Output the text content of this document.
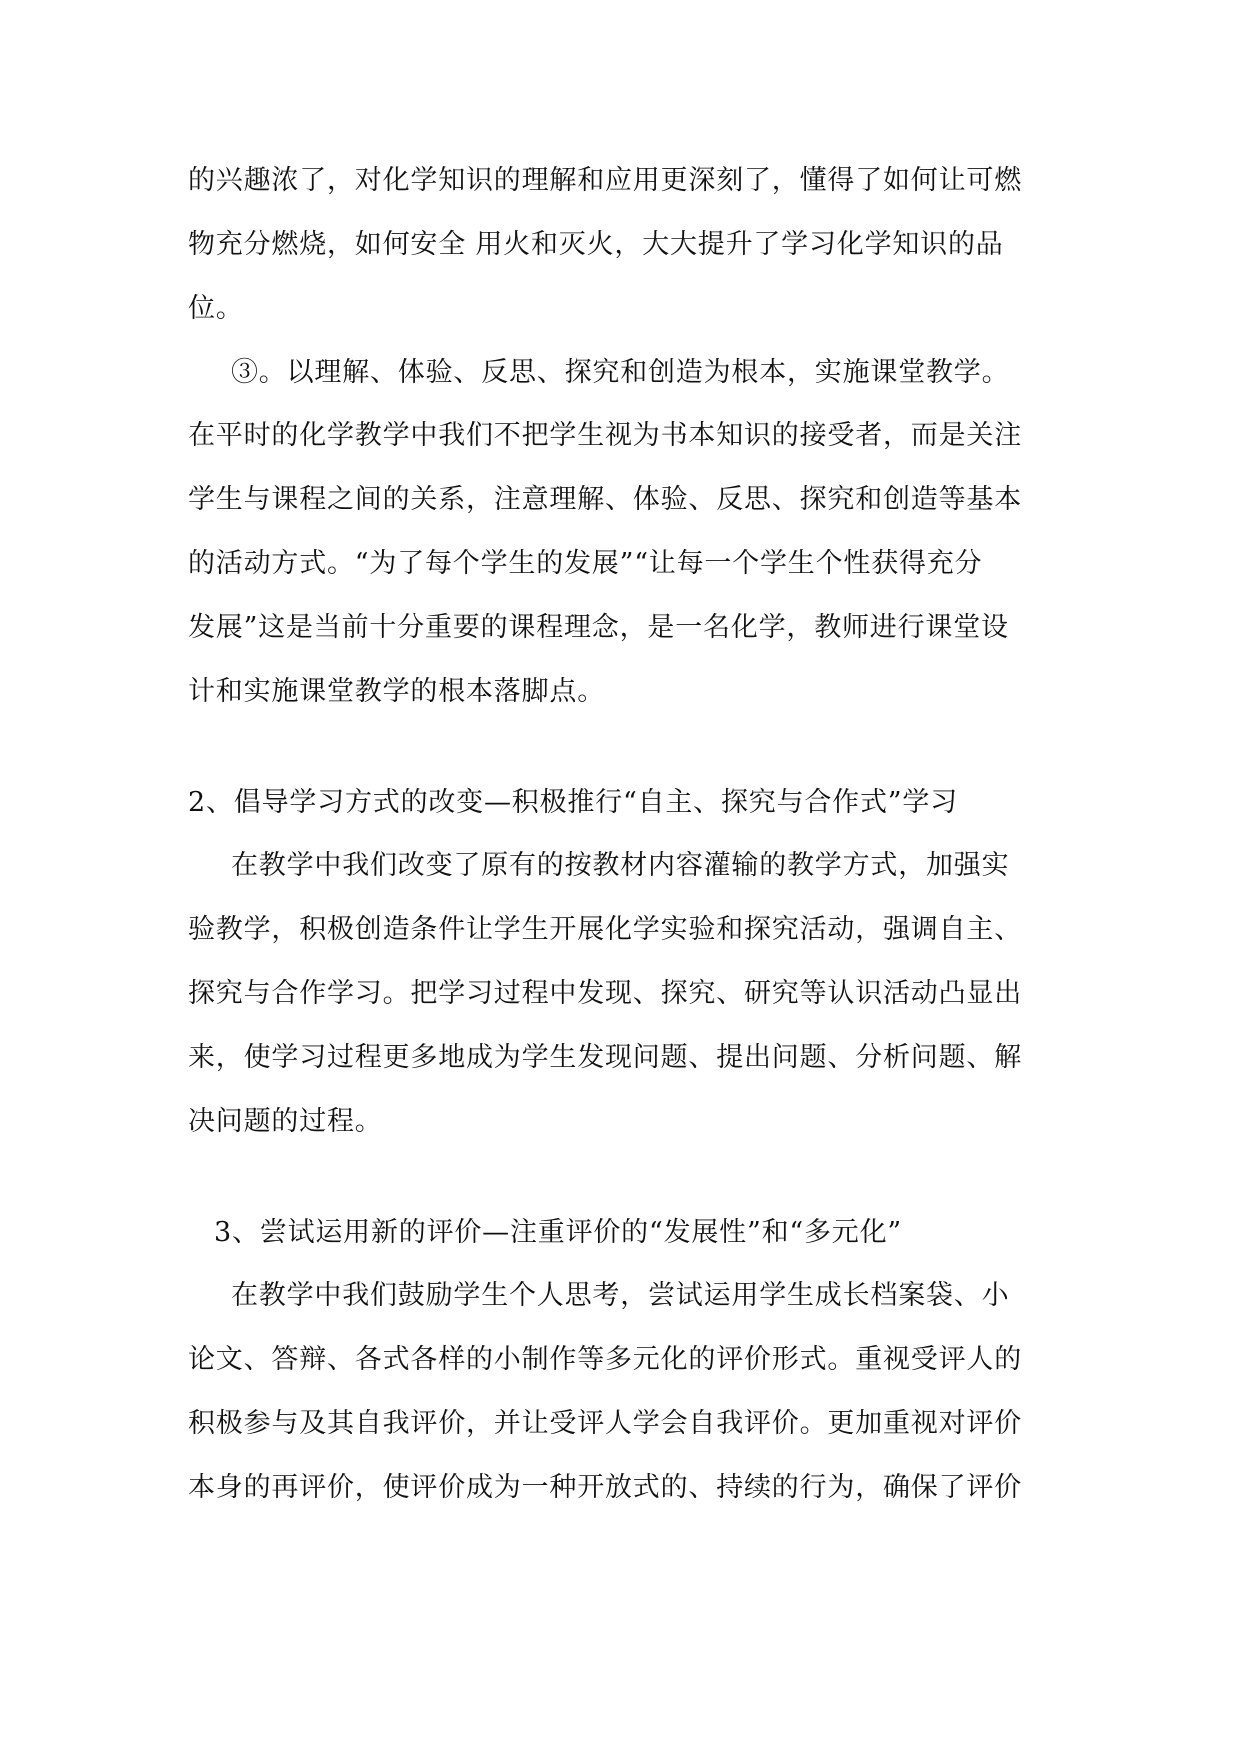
的兴趣浓了，对化学知识的理解和应用更深刻了，懂得了如何让可燃
物充分燃烧，如何安全 用火和灭火，大大提升了学习化学知识的品
位。
③。以理解、体验、反思、探究和创造为根本，实施课堂教学。
在平时的化学教学中我们不把学生视为书本知识的接受者，而是关注
学生与课程之间的关系，注意理解、体验、反思、探究和创造等基本
的活动方式。“为了每个学生的发展”“让每一个学生个性获得充分
发展”这是当前十分重要的课程理念，是一名化学，教师进行课堂设
计和实施课堂教学的根本落脚点。
2、倡导学习方式的改变—积极推行“自主、探究与合作式”学习
在教学中我们改变了原有的按教材内容灌输的教学方式，加强实
验教学，积极创造条件让学生开展化学实验和探究活动，强调自主、
探究与合作学习。把学习过程中发现、探究、研究等认识活动凸显出
来，使学习过程更多地成为学生发现问题、提出问题、分析问题、解
决问题的过程。
3、尝试运用新的评价—注重评价的“发展性”和“多元化”
在教学中我们鼓励学生个人思考，尝试运用学生成长档案袋、小
论文、答辩、各式各样的小制作等多元化的评价形式。重视受评人的
积极参与及其自我评价，并让受评人学会自我评价。更加重视对评价
本身的再评价，使评价成为一种开放式的、持续的行为，确保了评价
